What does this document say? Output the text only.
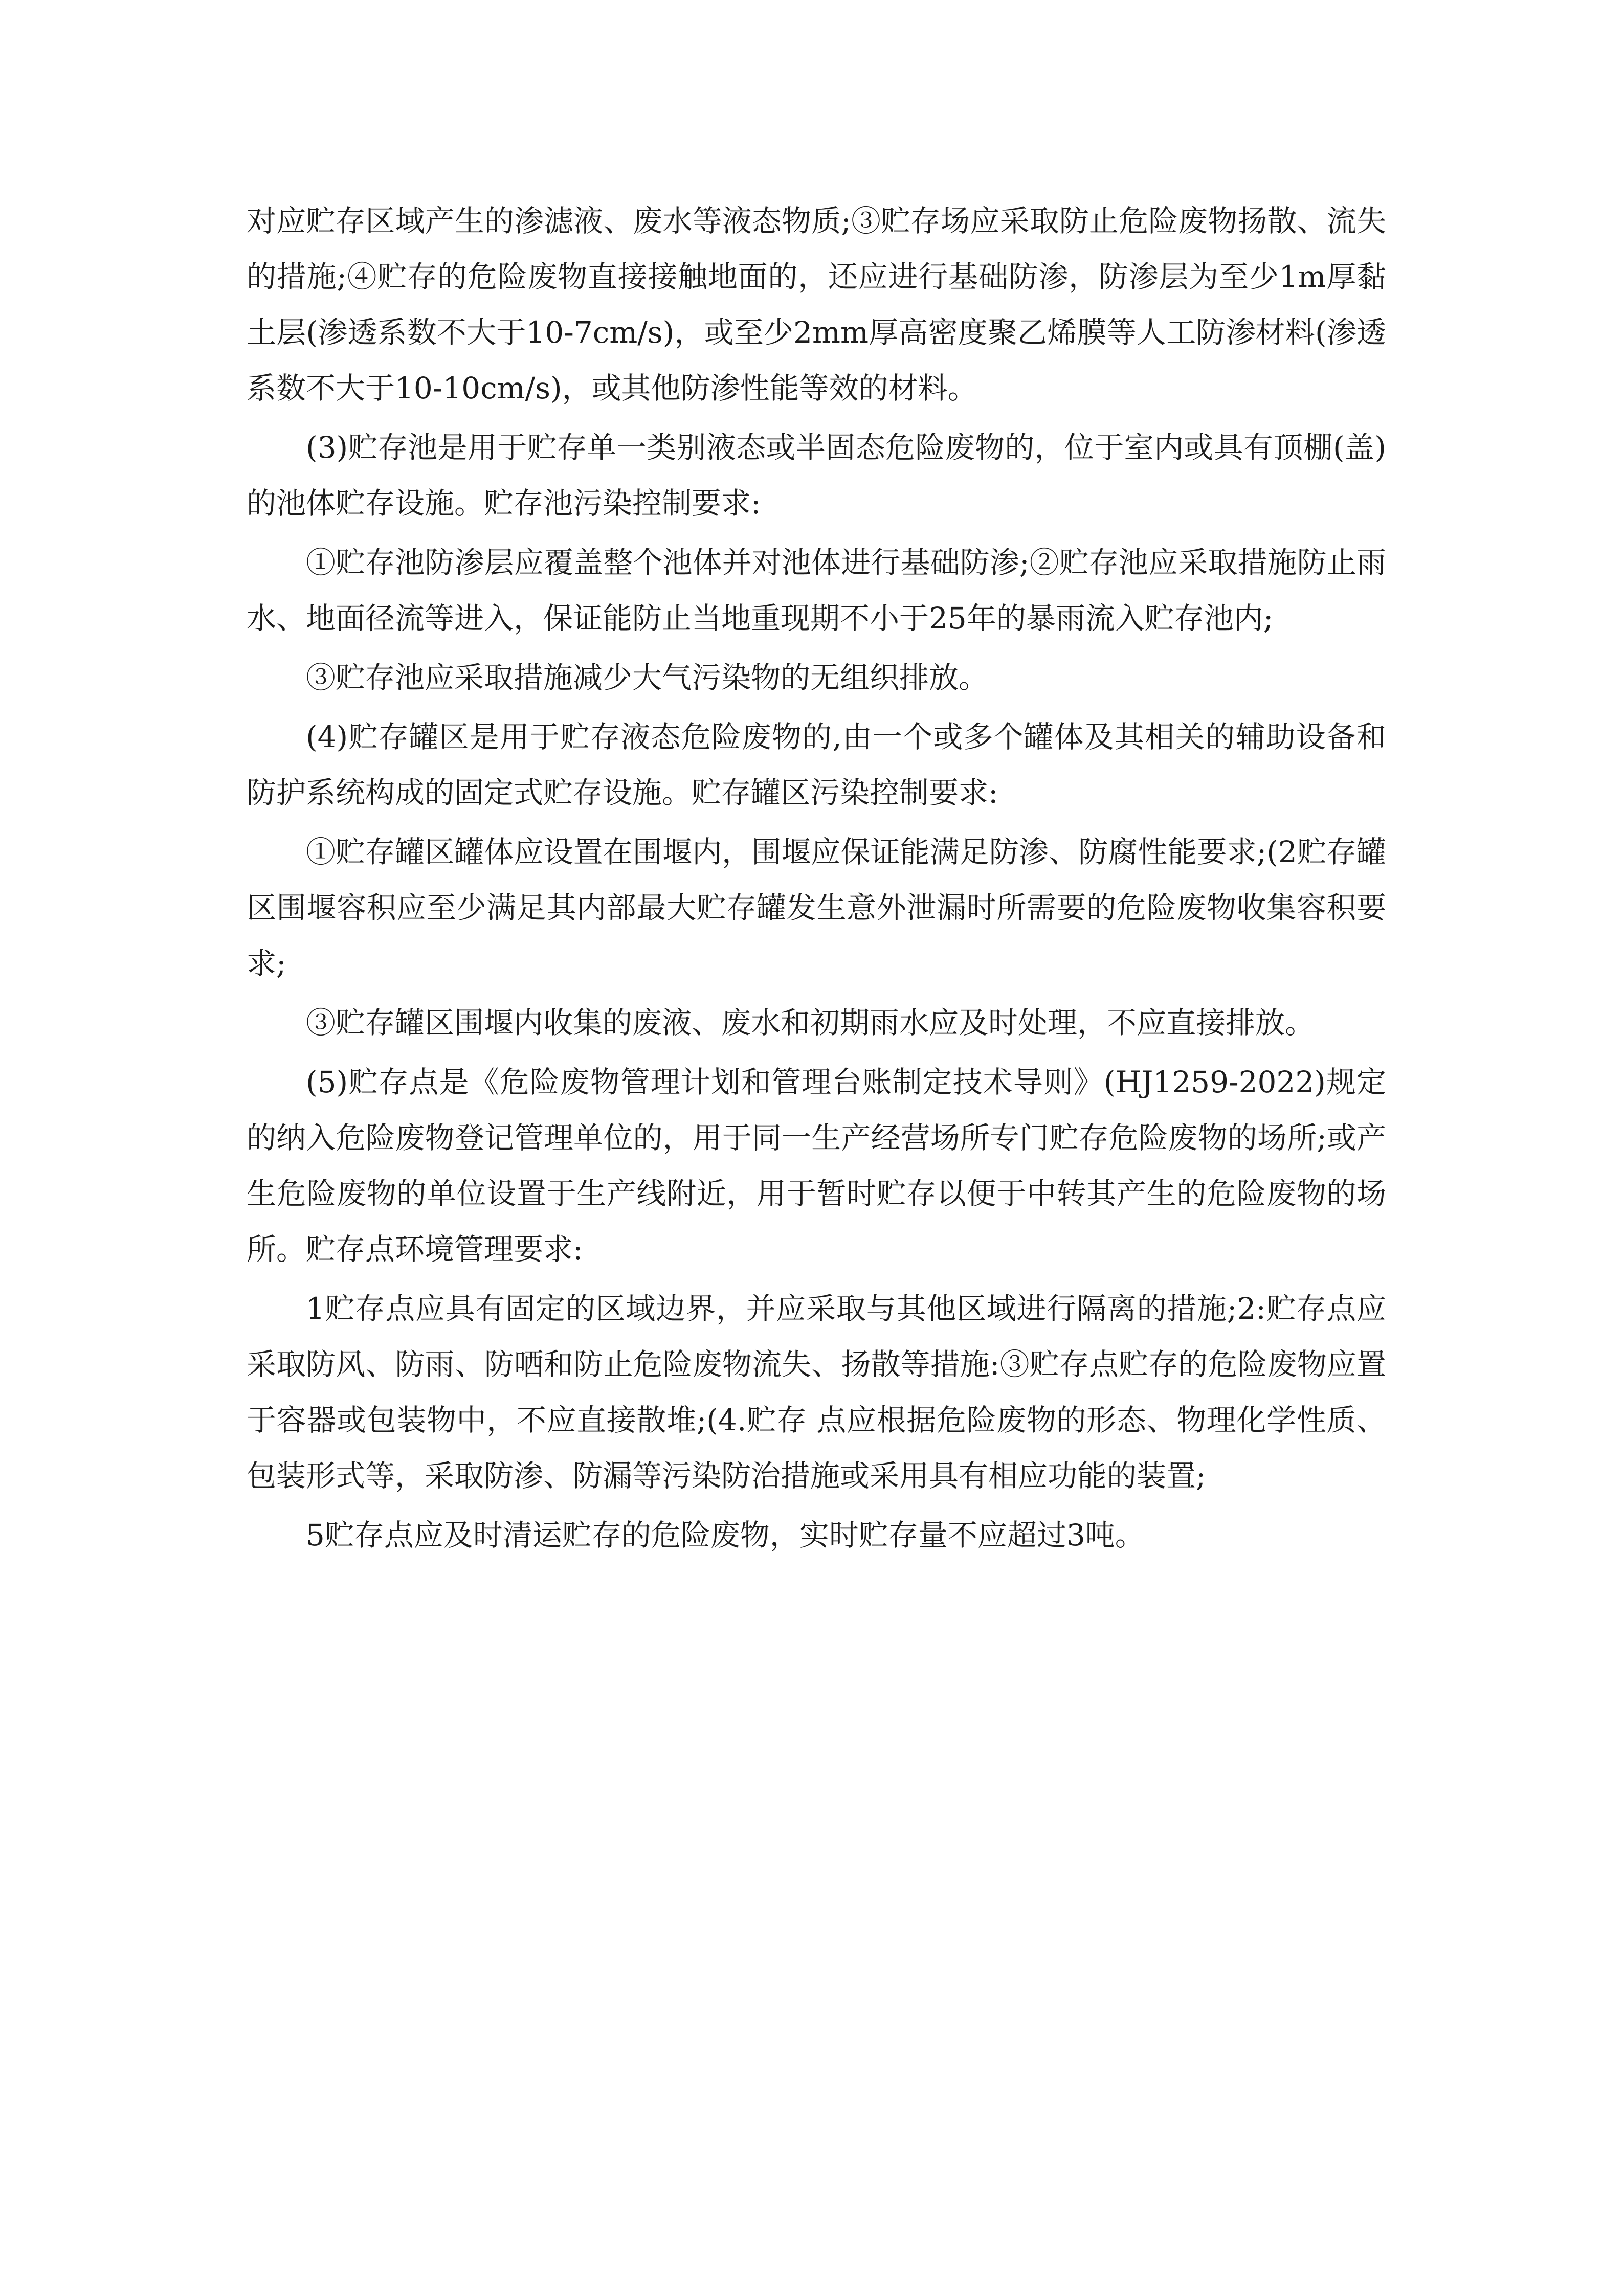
对应贮存区域产生的渗滤液、废水等液态物质;③贮存场应采取防止危险废物扬散、流失的措施;④贮存的危险废物直接接触地面的，还应进行基础防渗，防渗层为至少1m厚黏土层(渗透系数不大于10-7cm/s)，或至少2mm厚高密度聚乙烯膜等人工防渗材料(渗透系数不大于10-10cm/s)，或其他防渗性能等效的材料。

(3)贮存池是用于贮存单一类别液态或半固态危险废物的，位于室内或具有顶棚(盖)的池体贮存设施。贮存池污染控制要求:

①贮存池防渗层应覆盖整个池体并对池体进行基础防渗;②贮存池应采取措施防止雨水、地面径流等进入，保证能防止当地重现期不小于25年的暴雨流入贮存池内;

③贮存池应采取措施减少大气污染物的无组织排放。

(4)贮存罐区是用于贮存液态危险废物的,由一个或多个罐体及其相关的辅助设备和防护系统构成的固定式贮存设施。贮存罐区污染控制要求:

①贮存罐区罐体应设置在围堰内，围堰应保证能满足防渗、防腐性能要求;(2贮存罐区围堰容积应至少满足其内部最大贮存罐发生意外泄漏时所需要的危险废物收集容积要求;

③贮存罐区围堰内收集的废液、废水和初期雨水应及时处理，不应直接排放。

(5)贮存点是《危险废物管理计划和管理台账制定技术导则》(HJ1259-2022)规定的纳入危险废物登记管理单位的，用于同一生产经营场所专门贮存危险废物的场所;或产生危险废物的单位设置于生产线附近，用于暂时贮存以便于中转其产生的危险废物的场所。贮存点环境管理要求:

1贮存点应具有固定的区域边界，并应采取与其他区域进行隔离的措施;2:贮存点应采取防风、防雨、防哂和防止危险废物流失、扬散等措施:③贮存点贮存的危险废物应置于容器或包装物中，不应直接散堆;(4.贮存 点应根据危险废物的形态、物理化学性质、包装形式等，采取防渗、防漏等污染防治措施或采用具有相应功能的装置;

5贮存点应及时清运贮存的危险废物，实时贮存量不应超过3吨。
